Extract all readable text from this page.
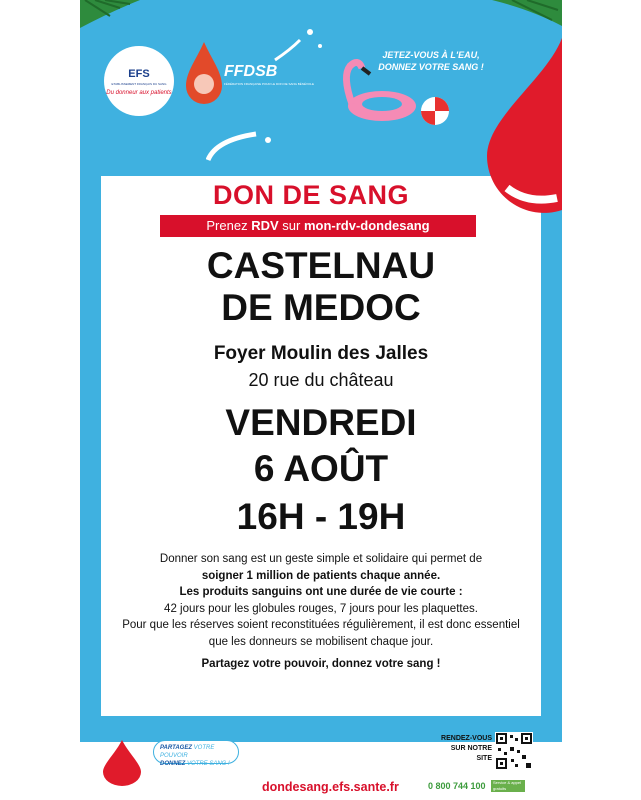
EFS
ETABLISSEMENT FRANÇAIS DU SANG
Du donneur aux patients
FFDSB
FÉDÉRATION FRANÇAISE POUR LE DON DE SANG BÉNÉVOLE
JETEZ-VOUS À L'EAU,
DONNEZ VOTRE SANG !
DON DE SANG
Prenez RDV sur mon-rdv-dondesang
CASTELNAU
DE MEDOC
Foyer Moulin des Jalles
20 rue du château
VENDREDI
6 AOÛT
16H - 19H

Donner son sang est un geste simple et solidaire qui permet de

soigner 1 million de patients chaque année.

Les produits sanguins ont une durée de vie courte :

42 jours pour les globules rouges, 7 jours pour les plaquettes.

Pour que les réserves soient reconstituées régulièrement, il est donc essentiel

que les donneurs se mobilisent chaque jour.

Partagez votre pouvoir, donnez votre sang !

PARTAGEZ VOTRE POUVOIR
DONNEZ VOTRE SANG !
RENDEZ-VOUS
SUR NOTRE
SITE
dondesang.efs.sante.fr	0 800 744 100	Service & appel gratuits
